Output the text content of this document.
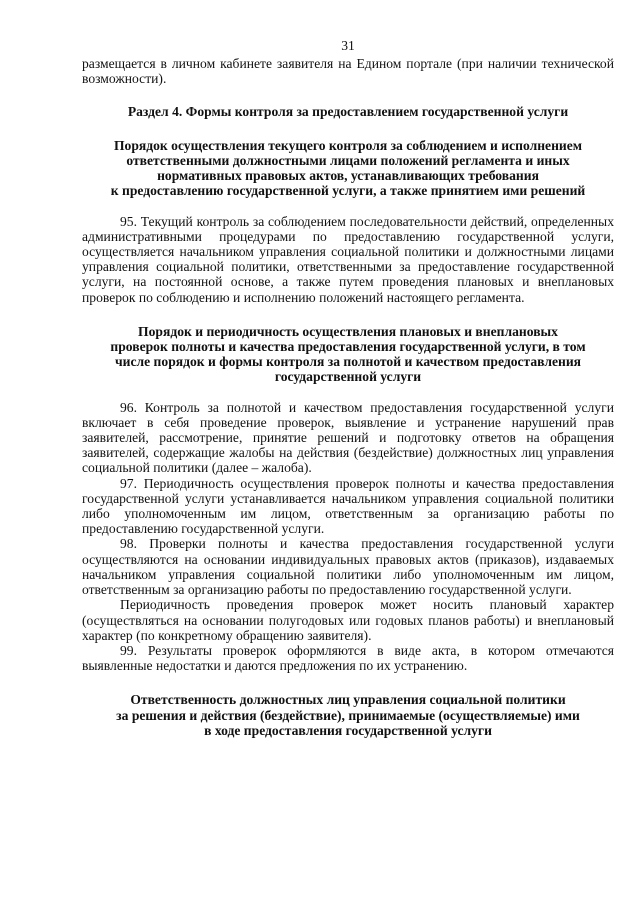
31

размещается в личном кабинете заявителя на Едином портале (при наличии технической возможности).

Раздел 4. Формы контроля за предоставлением государственной услуги

Порядок осуществления текущего контроля за соблюдением и исполнением
ответственными должностными лицами положений регламента и иных
нормативных правовых актов, устанавливающих требования
к предоставлению государственной услуги, а также принятием ими решений

95. Текущий контроль за соблюдением последовательности действий, определенных административными процедурами по предоставлению государственной услуги, осуществляется начальником управления социальной политики и должностными лицами управления социальной политики, ответственными за предоставление государственной услуги, на постоянной основе, а также путем проведения плановых и внеплановых проверок по соблюдению и исполнению положений настоящего регламента.

Порядок и периодичность осуществления плановых и внеплановых
проверок полноты и качества предоставления государственной услуги, в том
числе порядок и формы контроля за полнотой и качеством предоставления
государственной услуги

96. Контроль за полнотой и качеством предоставления государственной услуги включает в себя проведение проверок, выявление и устранение нарушений прав заявителей, рассмотрение, принятие решений и подготовку ответов на обращения заявителей, содержащие жалобы на действия (бездействие) должностных лиц управления социальной политики (далее – жалоба).

97. Периодичность осуществления проверок полноты и качества предоставления государственной услуги устанавливается начальником управления социальной политики либо уполномоченным им лицом, ответственным за организацию работы по предоставлению государственной услуги.

98. Проверки полноты и качества предоставления государственной услуги осуществляются на основании индивидуальных правовых актов (приказов), издаваемых начальником управления социальной политики либо уполномоченным им лицом, ответственным за организацию работы по предоставлению государственной услуги.

Периодичность проведения проверок может носить плановый характер (осуществляться на основании полугодовых или годовых планов работы) и внеплановый характер (по конкретному обращению заявителя).

99. Результаты проверок оформляются в виде акта, в котором отмечаются выявленные недостатки и даются предложения по их устранению.

Ответственность должностных лиц управления социальной политики
за решения и действия (бездействие), принимаемые (осуществляемые) ими
в ходе предоставления государственной услуги
